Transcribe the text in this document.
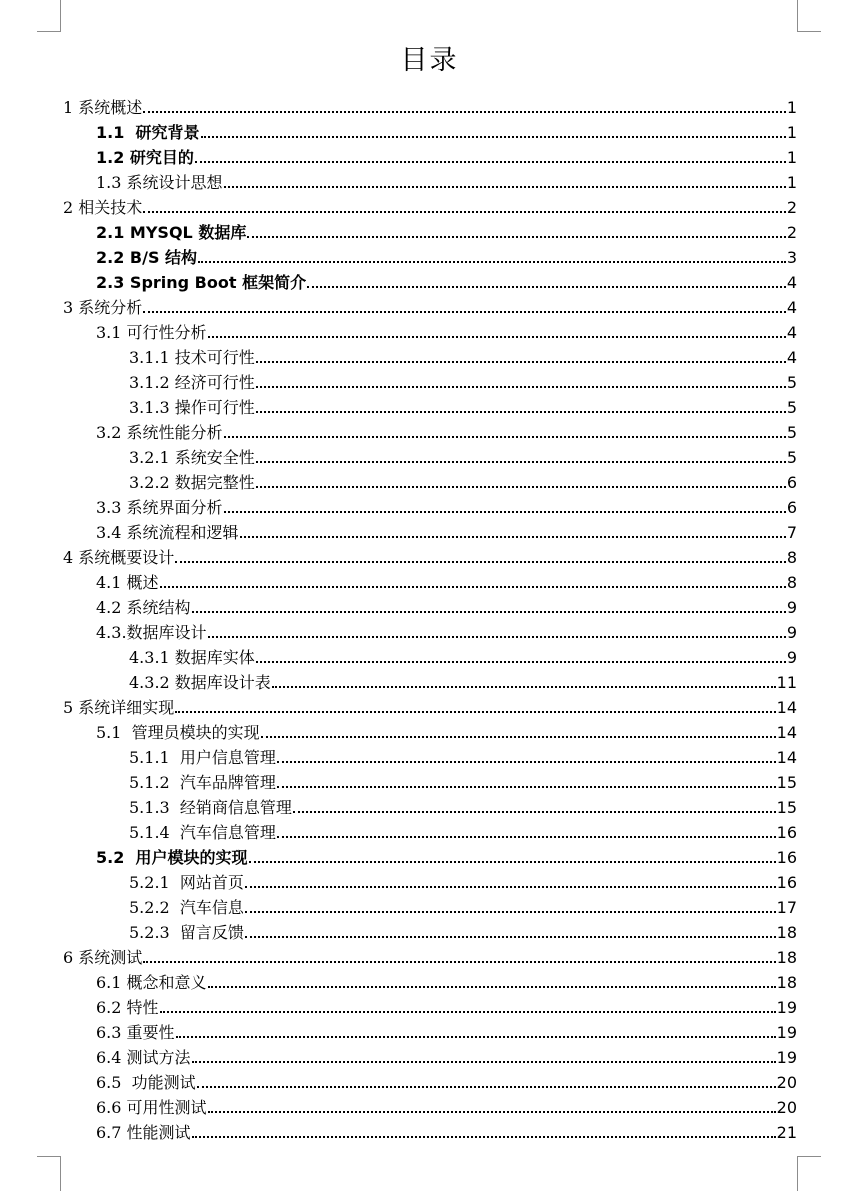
目录
1 系统概述	1
1.1  研究背景	1
1.2 研究目的	1
1.3 系统设计思想	1
2 相关技术	2
2.1 MYSQL 数据库	2
2.2 B/S 结构	3
2.3 Spring Boot 框架简介	4
3 系统分析	4
3.1 可行性分析	4
3.1.1 技术可行性	4
3.1.2 经济可行性	5
3.1.3 操作可行性	5
3.2 系统性能分析	5
3.2.1 系统安全性	5
3.2.2 数据完整性	6
3.3 系统界面分析	6
3.4 系统流程和逻辑	7
4 系统概要设计	8
4.1 概述	8
4.2 系统结构	9
4.3.数据库设计	9
4.3.1 数据库实体	9
4.3.2 数据库设计表	11
5 系统详细实现	14
5.1  管理员模块的实现	14
5.1.1  用户信息管理	14
5.1.2  汽车品牌管理	15
5.1.3  经销商信息管理	15
5.1.4  汽车信息管理	16
5.2  用户模块的实现	16
5.2.1  网站首页	16
5.2.2  汽车信息	17
5.2.3  留言反馈	18
6 系统测试	18
6.1 概念和意义	18
6.2 特性	19
6.3 重要性	19
6.4 测试方法	19
6.5  功能测试	20
6.6 可用性测试	20
6.7 性能测试	21
